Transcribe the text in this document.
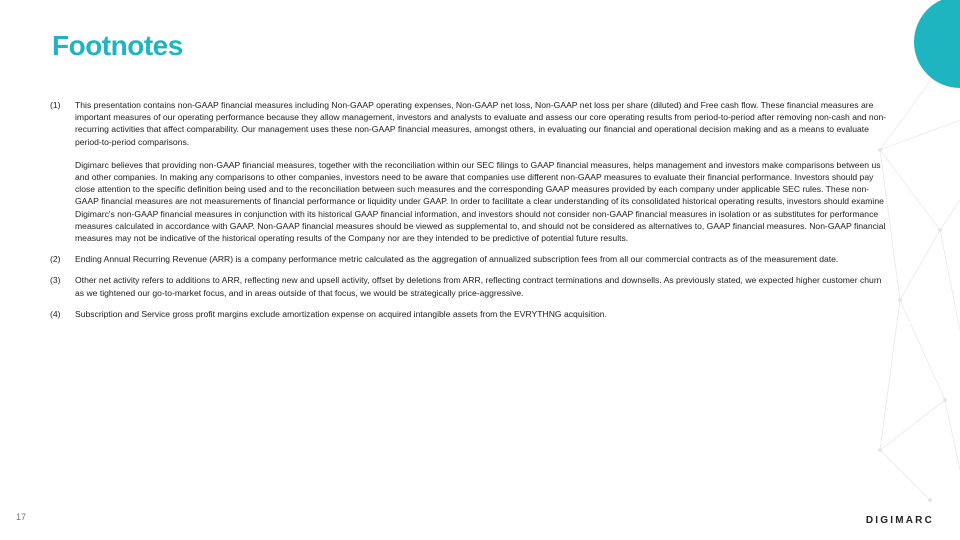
Footnotes
(1)	This presentation contains non-GAAP financial measures including Non-GAAP operating expenses, Non-GAAP net loss, Non-GAAP net loss per share (diluted) and Free cash flow. These financial measures are important measures of our operating performance because they allow management, investors and analysts to evaluate and assess our core operating results from period-to-period after removing non-cash and non-recurring activities that affect comparability. Our management uses these non-GAAP financial measures, amongst others, in evaluating our financial and operational decision making and as a means to evaluate period-to-period comparisons.

Digimarc believes that providing non-GAAP financial measures, together with the reconciliation within our SEC filings to GAAP financial measures, helps management and investors make comparisons between us and other companies. In making any comparisons to other companies, investors need to be aware that companies use different non-GAAP measures to evaluate their financial performance. Investors should pay close attention to the specific definition being used and to the reconciliation between such measures and the corresponding GAAP measures provided by each company under applicable SEC rules. These non-GAAP financial measures are not measurements of financial performance or liquidity under GAAP. In order to facilitate a clear understanding of its consolidated historical operating results, investors should examine Digimarc's non-GAAP financial measures in conjunction with its historical GAAP financial information, and investors should not consider non-GAAP financial measures in isolation or as substitutes for performance measures calculated in accordance with GAAP. Non-GAAP financial measures should be viewed as supplemental to, and should not be considered as alternatives to, GAAP financial measures. Non-GAAP financial measures may not be indicative of the historical operating results of the Company nor are they intended to be predictive of potential future results.

(2)	Ending Annual Recurring Revenue (ARR) is a company performance metric calculated as the aggregation of annualized subscription fees from all our commercial contracts as of the measurement date.

(3)	Other net activity refers to additions to ARR, reflecting new and upsell activity, offset by deletions from ARR, reflecting contract terminations and downsells. As previously stated, we expected higher customer churn as we tightened our go-to-market focus, and in areas outside of that focus, we would be strategically price-aggressive.

(4)	Subscription and Service gross profit margins exclude amortization expense on acquired intangible assets from the EVRYTHNG acquisition.

17	DIGIMARC
